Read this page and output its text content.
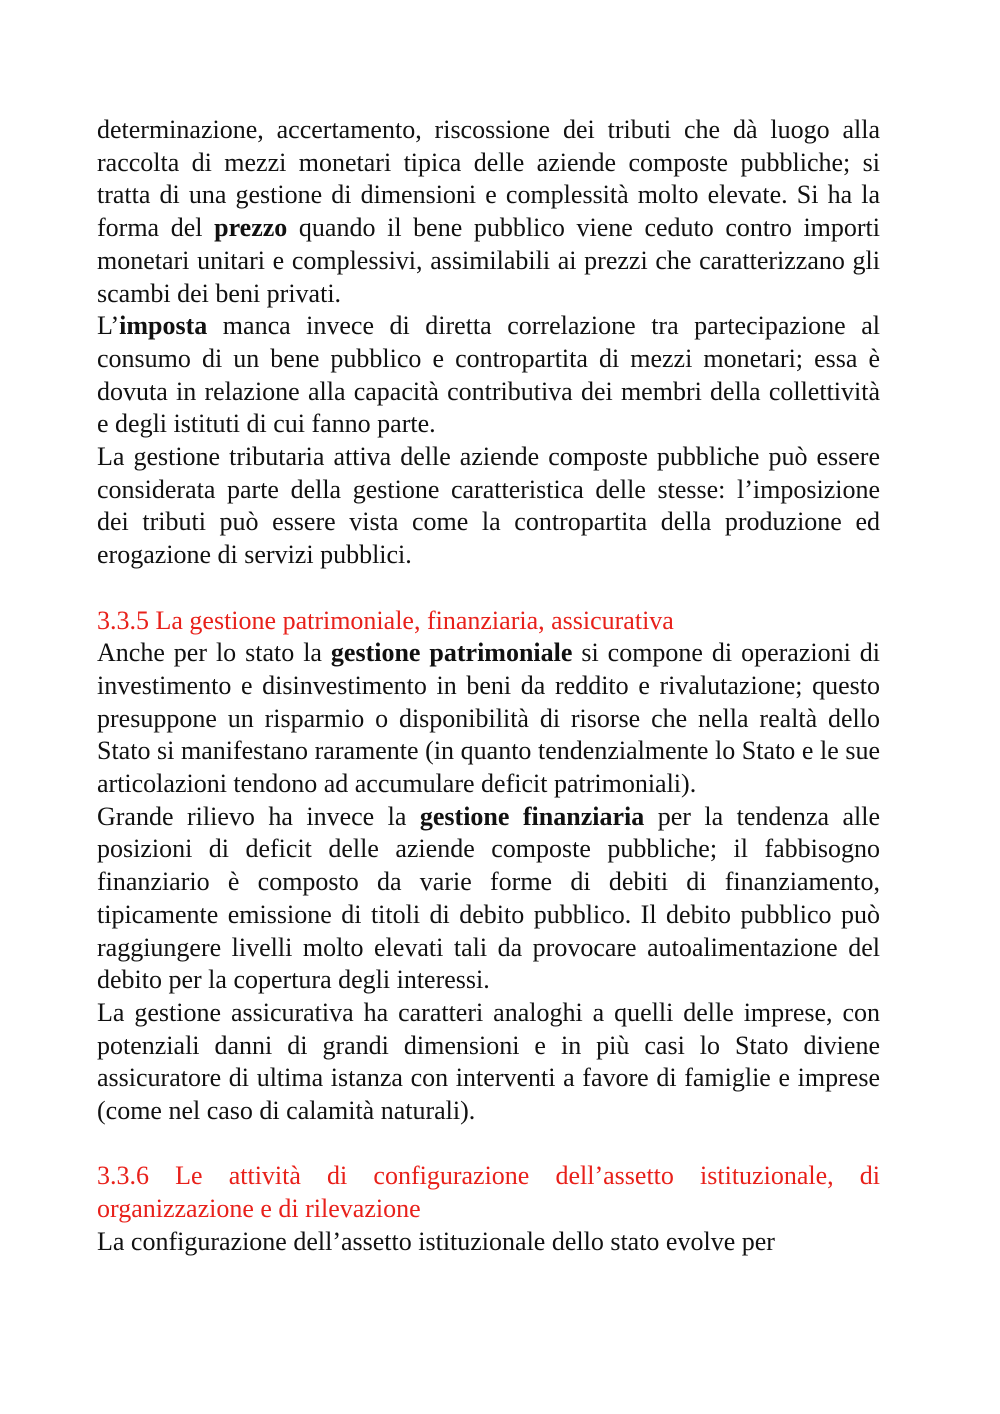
determinazione, accertamento, riscossione dei tributi che dà luogo alla raccolta di mezzi monetari tipica delle aziende composte pubbliche; si tratta di una gestione di dimensioni e complessità molto elevate. Si ha la forma del prezzo quando il bene pubblico viene ceduto contro importi monetari unitari e complessivi, assimilabili ai prezzi che caratterizzano gli scambi dei beni privati.

L’imposta manca invece di diretta correlazione tra partecipazione al consumo di un bene pubblico e contropartita di mezzi monetari; essa è dovuta in relazione alla capacità contributiva dei membri della collettività e degli istituti di cui fanno parte.

La gestione tributaria attiva delle aziende composte pubbliche può essere considerata parte della gestione caratteristica delle stesse: l’imposizione dei tributi può essere vista come la contropartita della produzione ed erogazione di servizi pubblici.

3.3.5 La gestione patrimoniale, finanziaria, assicurativa

Anche per lo stato la gestione patrimoniale si compone di operazioni di investimento e disinvestimento in beni da reddito e rivalutazione; questo presuppone un risparmio o disponibilità di risorse che nella realtà dello Stato si manifestano raramente (in quanto tendenzialmente lo Stato e le sue articolazioni tendono ad accumulare deficit patrimoniali).

Grande rilievo ha invece la gestione finanziaria per la tendenza alle posizioni di deficit delle aziende composte pubbliche; il fabbisogno finanziario è composto da varie forme di debiti di finanziamento, tipicamente emissione di titoli di debito pubblico. Il debito pubblico può raggiungere livelli molto elevati tali da provocare autoalimentazione del debito per la copertura degli interessi.

La gestione assicurativa ha caratteri analoghi a quelli delle imprese, con potenziali danni di grandi dimensioni e in più casi lo Stato diviene assicuratore di ultima istanza con interventi a favore di famiglie e imprese (come nel caso di calamità naturali).

3.3.6 Le attività di configurazione dell’assetto istituzionale, di organizzazione e di rilevazione

La configurazione dell’assetto istituzionale dello stato evolve per
